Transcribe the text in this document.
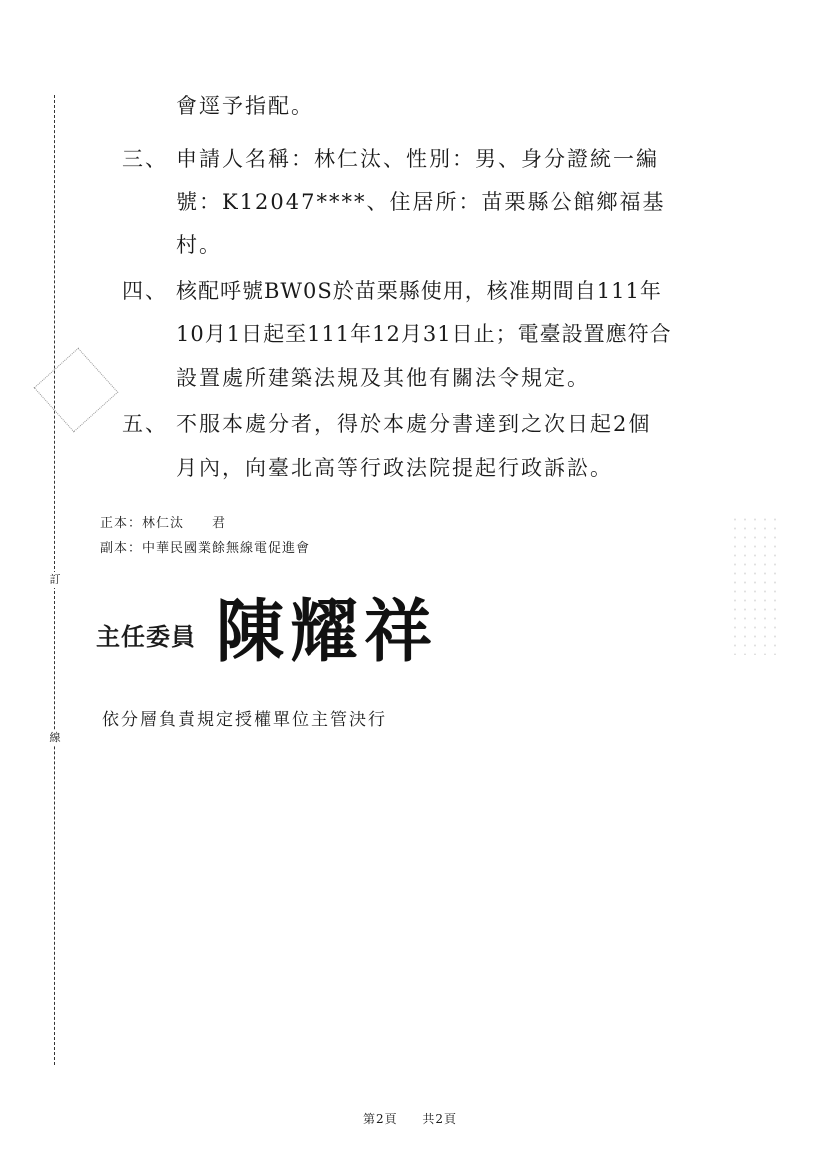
訂
線
會逕予指配。
三、 申請人名稱：林仁汰、性別：男、身分證統一編
號：K12047****、住居所：苗栗縣公館鄉福基
村。
四、 核配呼號BW0S於苗栗縣使用，核准期間自111年
10月1日起至111年12月31日止；電臺設置應符合
設置處所建築法規及其他有關法令規定。
五、 不服本處分者，得於本處分書達到之次日起2個
月內，向臺北高等行政法院提起行政訴訟。
正本：林仁汰　　君
副本：中華民國業餘無線電促進會
主任委員 陳耀祥
依分層負責規定授權單位主管決行
第2頁 共2頁
